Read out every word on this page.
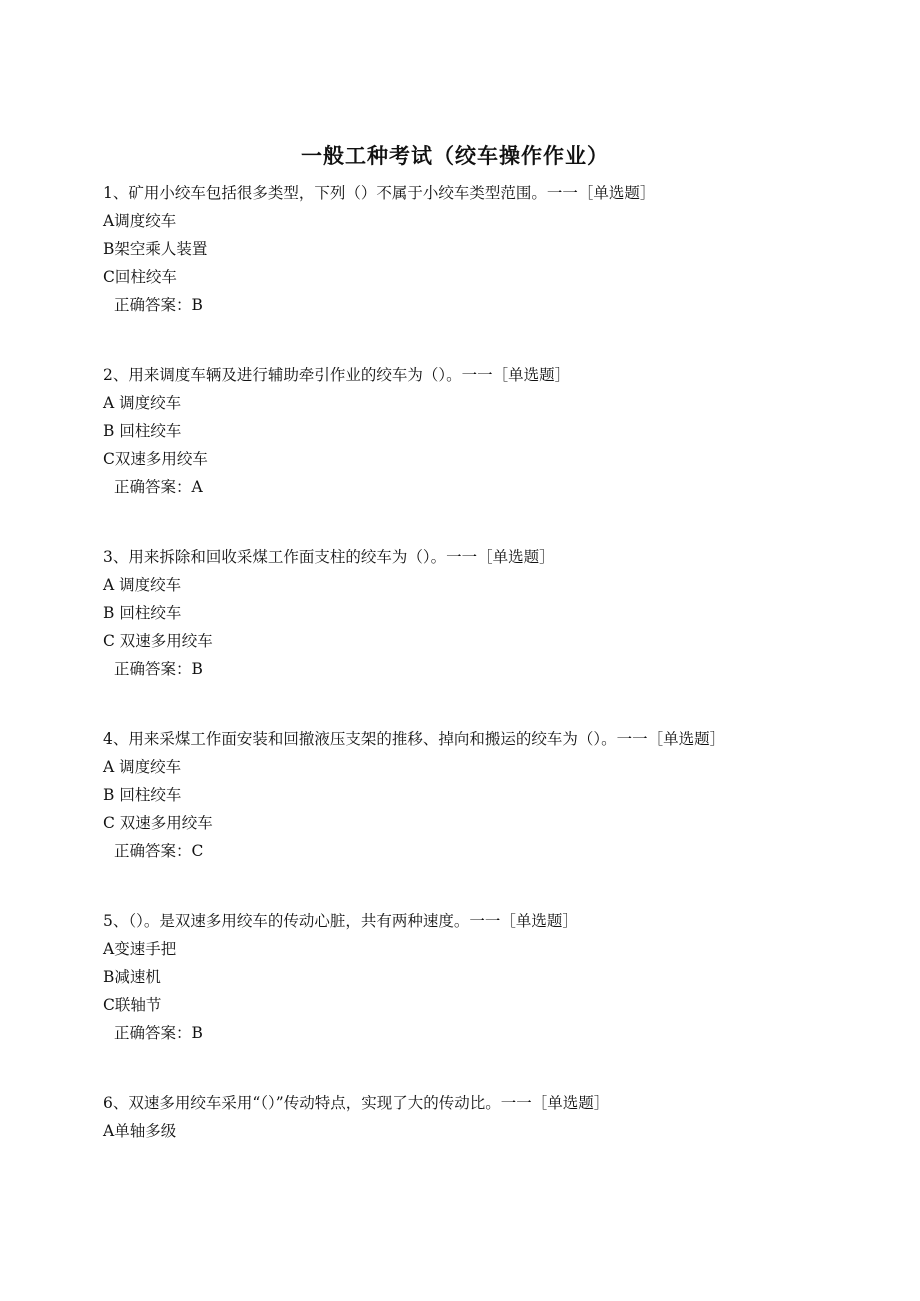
一般工种考试（绞车操作作业）
1、矿用小绞车包括很多类型，下列（）不属于小绞车类型范围。一一［单选题］
A调度绞车
B架空乘人装置
C回柱绞车
正确答案：B
2、用来调度车辆及进行辅助牵引作业的绞车为（）。一一［单选题］
A 调度绞车
B 回柱绞车
C双速多用绞车
正确答案：A
3、用来拆除和回收采煤工作面支柱的绞车为（）。一一［单选题］
A 调度绞车
B 回柱绞车
C 双速多用绞车
正确答案：B
4、用来采煤工作面安装和回撤液压支架的推移、掉向和搬运的绞车为（）。一一［单选题］
A 调度绞车
B 回柱绞车
C 双速多用绞车
正确答案：C
5、（）。是双速多用绞车的传动心脏，共有两种速度。一一［单选题］
A变速手把
B减速机
C联轴节
正确答案：B
6、双速多用绞车采用“（）”传动特点，实现了大的传动比。一一［单选题］
A单轴多级
